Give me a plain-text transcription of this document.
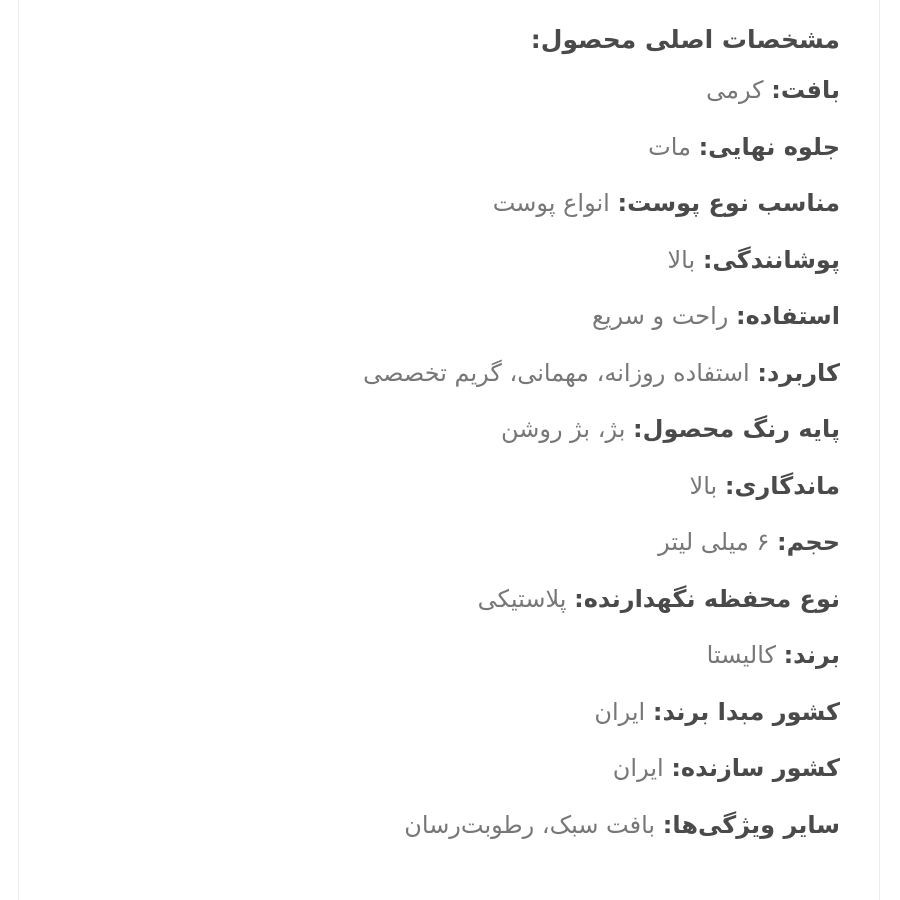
مشخصات اصلی محصول:
بافت: کرمی
جلوه نهایی: مات
مناسب نوع پوست: انواع پوست
پوشانندگی: بالا
استفاده: راحت و سریع
کاربرد: استفاده روزانه، مهمانی، گریم تخصصی
پایه رنگ محصول: بژ، بژ روشن
ماندگاری: بالا
حجم: ۶ میلی لیتر
نوع محفظه نگهدارنده: پلاستیکی
برند: کالیستا
کشور مبدا برند: ایران
کشور سازنده: ایران
سایر ویژگی‌ها: بافت سبک، رطوبت‌رسان
